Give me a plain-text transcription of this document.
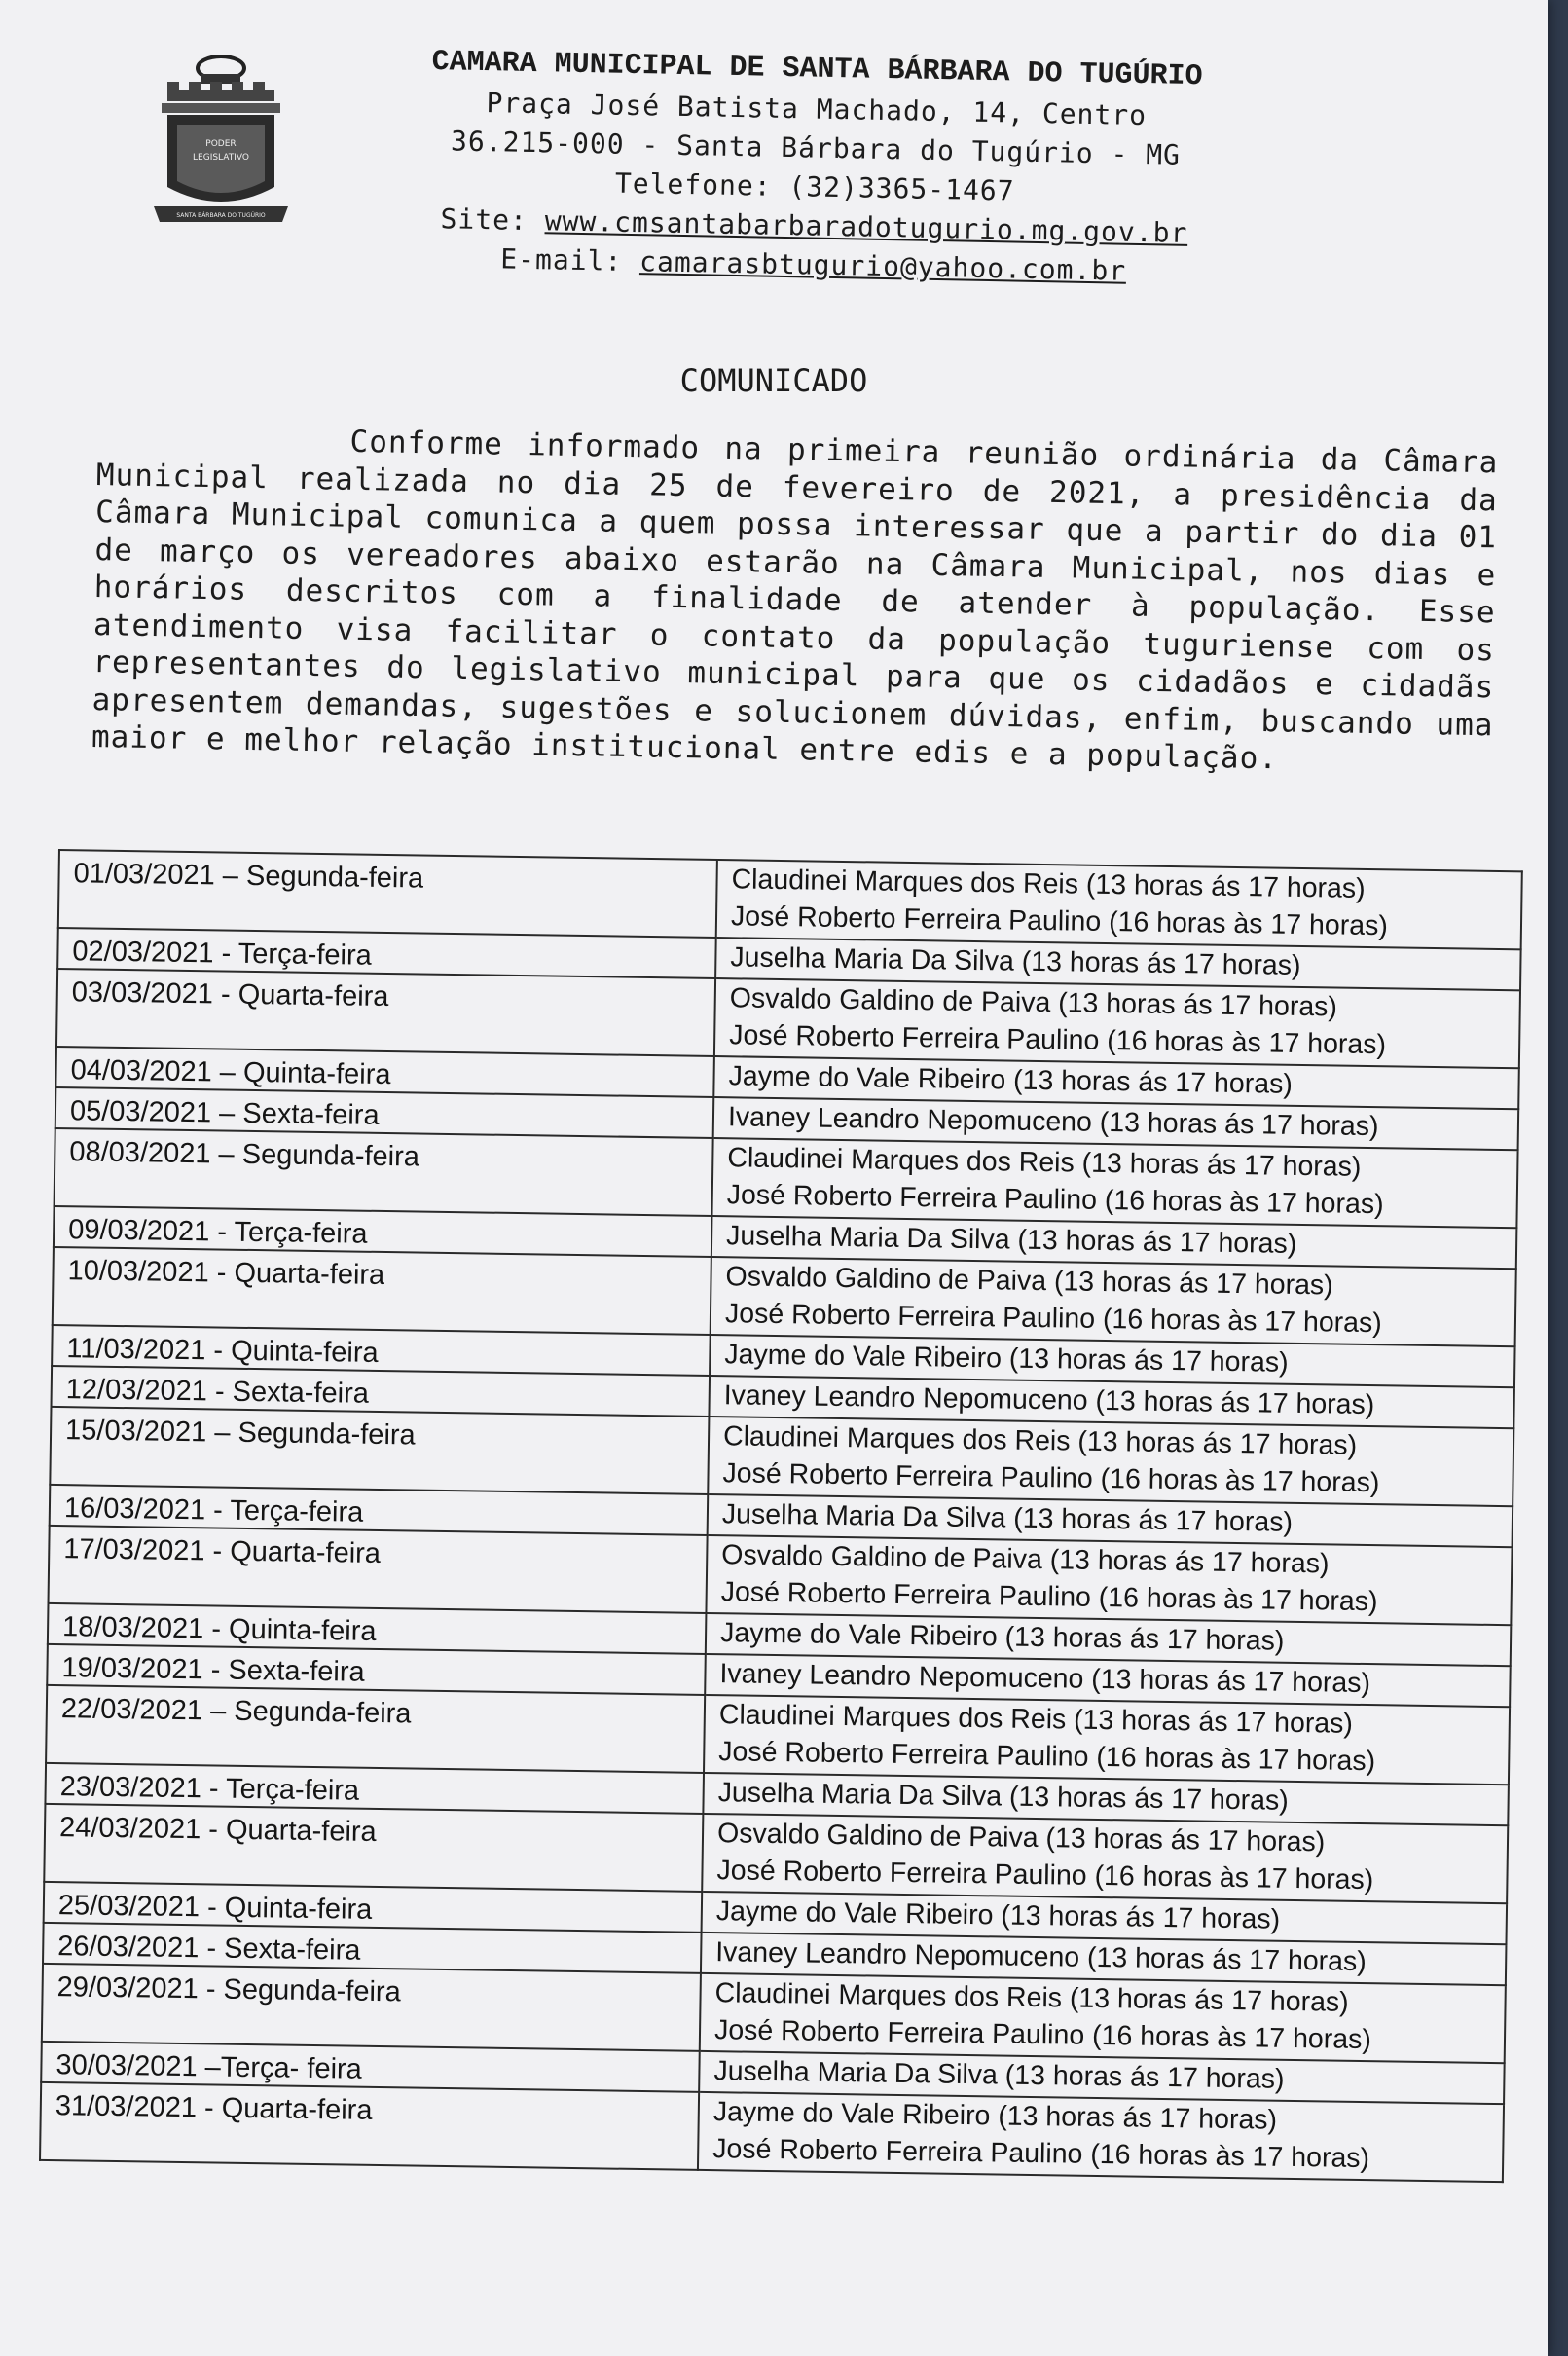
PODER
LEGISLATIVO
SANTA BÁRBARA DO TUGÚRIO
CAMARA MUNICIPAL DE SANTA BÁRBARA DO TUGÚRIO
Praça José Batista Machado, 14, Centro
36.215-000 - Santa Bárbara do Tugúrio - MG
Telefone: (32)3365-1467
Site: www.cmsantabarbaradotugurio.mg.gov.br
E-mail: camarasbtugurio@yahoo.com.br
COMUNICADO
Conforme informado na primeira reunião ordinária da Câmara Municipal realizada no dia 25 de fevereiro de 2021, a presidência da Câmara Municipal comunica a quem possa interessar que a partir do dia 01 de março os vereadores abaixo estarão na Câmara Municipal, nos dias e horários descritos com a finalidade de atender à população. Esse atendimento visa facilitar o contato da população tuguriense com os representantes do legislativo municipal para que os cidadãos e cidadãs apresentem demandas, sugestões e solucionem dúvidas, enfim, buscando uma maior e melhor relação institucional entre edis e a população.
01/03/2021 – Segunda-feira	Claudinei Marques dos Reis (13 horas ás 17 horas)
José Roberto Ferreira Paulino (16 horas às 17 horas)

02/03/2021 - Terça-feira	Juselha Maria Da Silva (13 horas ás 17 horas)

03/03/2021 - Quarta-feira	Osvaldo Galdino de Paiva (13 horas ás 17 horas)
José Roberto Ferreira Paulino (16 horas às 17 horas)

04/03/2021 – Quinta-feira	Jayme do Vale Ribeiro (13 horas ás 17 horas)

05/03/2021 – Sexta-feira	Ivaney Leandro Nepomuceno (13 horas ás 17 horas)

08/03/2021 – Segunda-feira	Claudinei Marques dos Reis (13 horas ás 17 horas)
José Roberto Ferreira Paulino (16 horas às 17 horas)

09/03/2021 - Terça-feira	Juselha Maria Da Silva (13 horas ás 17 horas)

10/03/2021 - Quarta-feira	Osvaldo Galdino de Paiva (13 horas ás 17 horas)
José Roberto Ferreira Paulino (16 horas às 17 horas)

11/03/2021 - Quinta-feira	Jayme do Vale Ribeiro (13 horas ás 17 horas)

12/03/2021 - Sexta-feira	Ivaney Leandro Nepomuceno (13 horas ás 17 horas)

15/03/2021 – Segunda-feira	Claudinei Marques dos Reis (13 horas ás 17 horas)
José Roberto Ferreira Paulino (16 horas às 17 horas)

16/03/2021 - Terça-feira	Juselha Maria Da Silva (13 horas ás 17 horas)

17/03/2021 - Quarta-feira	Osvaldo Galdino de Paiva (13 horas ás 17 horas)
José Roberto Ferreira Paulino (16 horas às 17 horas)

18/03/2021 - Quinta-feira	Jayme do Vale Ribeiro (13 horas ás 17 horas)

19/03/2021 - Sexta-feira	Ivaney Leandro Nepomuceno (13 horas ás 17 horas)

22/03/2021 – Segunda-feira	Claudinei Marques dos Reis (13 horas ás 17 horas)
José Roberto Ferreira Paulino (16 horas às 17 horas)

23/03/2021 - Terça-feira	Juselha Maria Da Silva (13 horas ás 17 horas)

24/03/2021 - Quarta-feira	Osvaldo Galdino de Paiva (13 horas ás 17 horas)
José Roberto Ferreira Paulino (16 horas às 17 horas)

25/03/2021 - Quinta-feira	Jayme do Vale Ribeiro (13 horas ás 17 horas)

26/03/2021 - Sexta-feira	Ivaney Leandro Nepomuceno (13 horas ás 17 horas)

29/03/2021 - Segunda-feira	Claudinei Marques dos Reis (13 horas ás 17 horas)
José Roberto Ferreira Paulino (16 horas às 17 horas)

30/03/2021 –Terça- feira	Juselha Maria Da Silva (13 horas ás 17 horas)

31/03/2021 - Quarta-feira	Jayme do Vale Ribeiro (13 horas ás 17 horas)
José Roberto Ferreira Paulino (16 horas às 17 horas)
